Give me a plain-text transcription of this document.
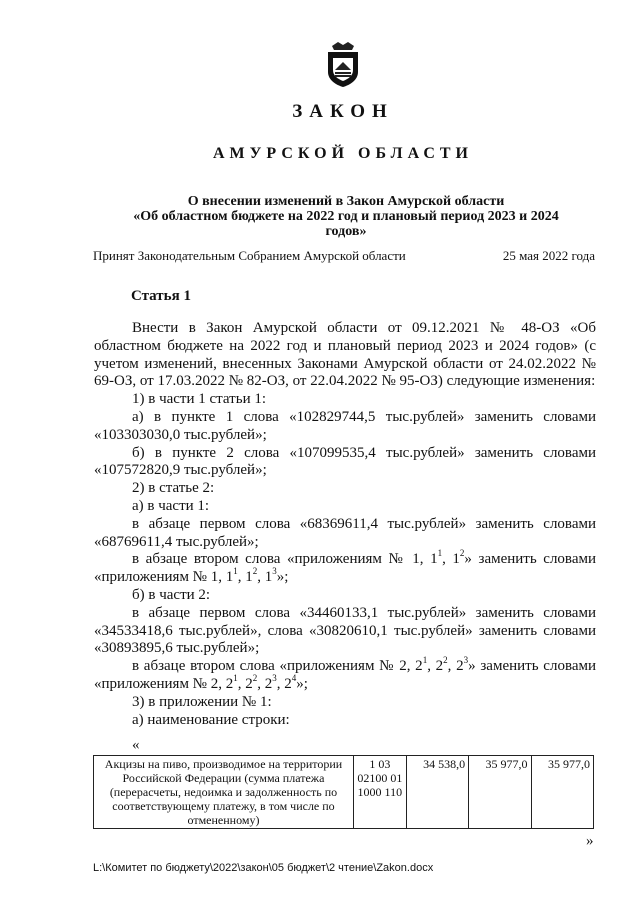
ЗАКОН
АМУРСКОЙ ОБЛАСТИ
О внесении изменений в Закон Амурской области
«Об областном бюджете на 2022 год и плановый период 2023 и 2024
годов»
Принят Законодательным Собранием Амурской области	25 мая 2022 года
Статья 1

Внести в Закон Амурской области от 09.12.2021 № 48-ОЗ «Об областном бюджете на 2022 год и плановый период 2023 и 2024 годов» (с учетом изменений, внесенных Законами Амурской области от 24.02.2022 № 69-ОЗ, от 17.03.2022 № 82-ОЗ, от 22.04.2022 № 95-ОЗ) следующие изменения:

1) в части 1 статьи 1:

а) в пункте 1 слова «102829744,5 тыс.рублей» заменить словами «103303030,0 тыс.рублей»;

б) в пункте 2 слова «107099535,4 тыс.рублей» заменить словами «107572820,9 тыс.рублей»;

2) в статье 2:

а) в части 1:

в абзаце первом слова «68369611,4 тыс.рублей» заменить словами «68769611,4 тыс.рублей»;

в абзаце втором слова «приложениям № 1, $1^1$, $1^2$» заменить словами «приложениям № 1, $1^1$, $1^2$, $1^3$»;

б) в части 2:

в абзаце первом слова «34460133,1 тыс.рублей» заменить словами «34533418,6 тыс.рублей», слова «30820610,1 тыс.рублей» заменить словами «30893895,6 тыс.рублей»;

в абзаце втором слова «приложениям № 2, $2^1$, $2^2$, $2^3$» заменить словами «приложениям № 2, $2^1$, $2^2$, $2^3$, $2^4$»;

3) в приложении № 1:

а) наименование строки:

«
Акцизы на пиво, производимое на территории Российской Федерации (сумма платежа (перерасчеты, недоимка и задолженность по соответствующему платежу, в том числе по отмененному)	1 03 02100 01 1000 110	34 538,0	35 977,0	35 977,0
»
L:\Комитет по бюджету\2022\закон\05 бюджет\2 чтение\Zakon.docx
